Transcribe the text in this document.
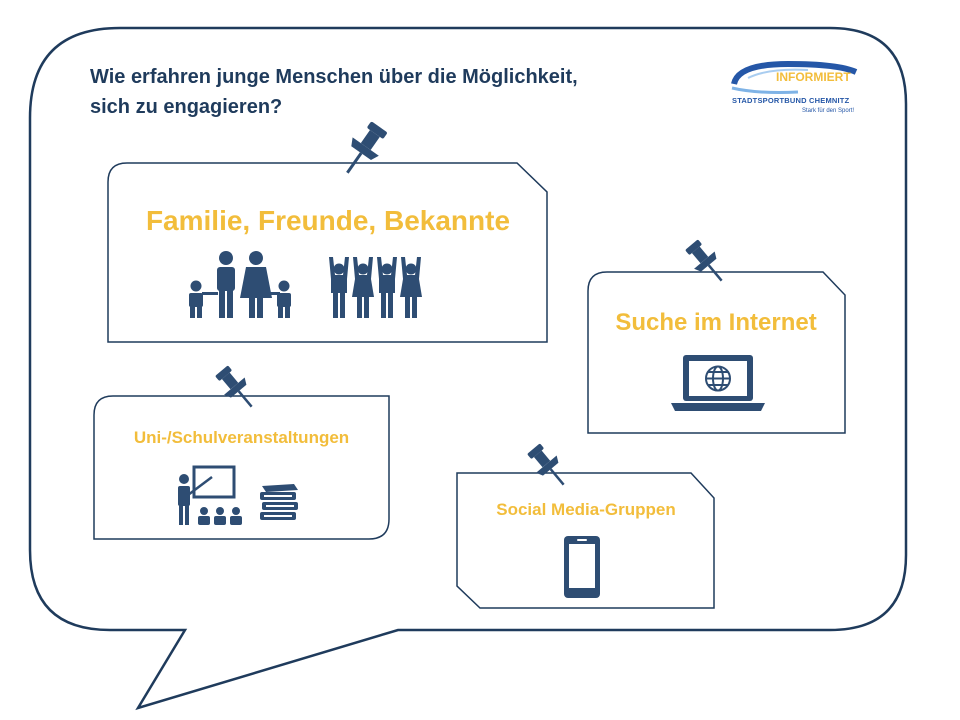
Wie erfahren junge Menschen über die Möglichkeit,
sich zu engagieren?
INFORMIERT
STADTSPORTBUND CHEMNITZ
Stark für den Sport!
Familie, Freunde, Bekannte
Suche im Internet
Uni-/Schulveranstaltungen
Social Media-Gruppen
